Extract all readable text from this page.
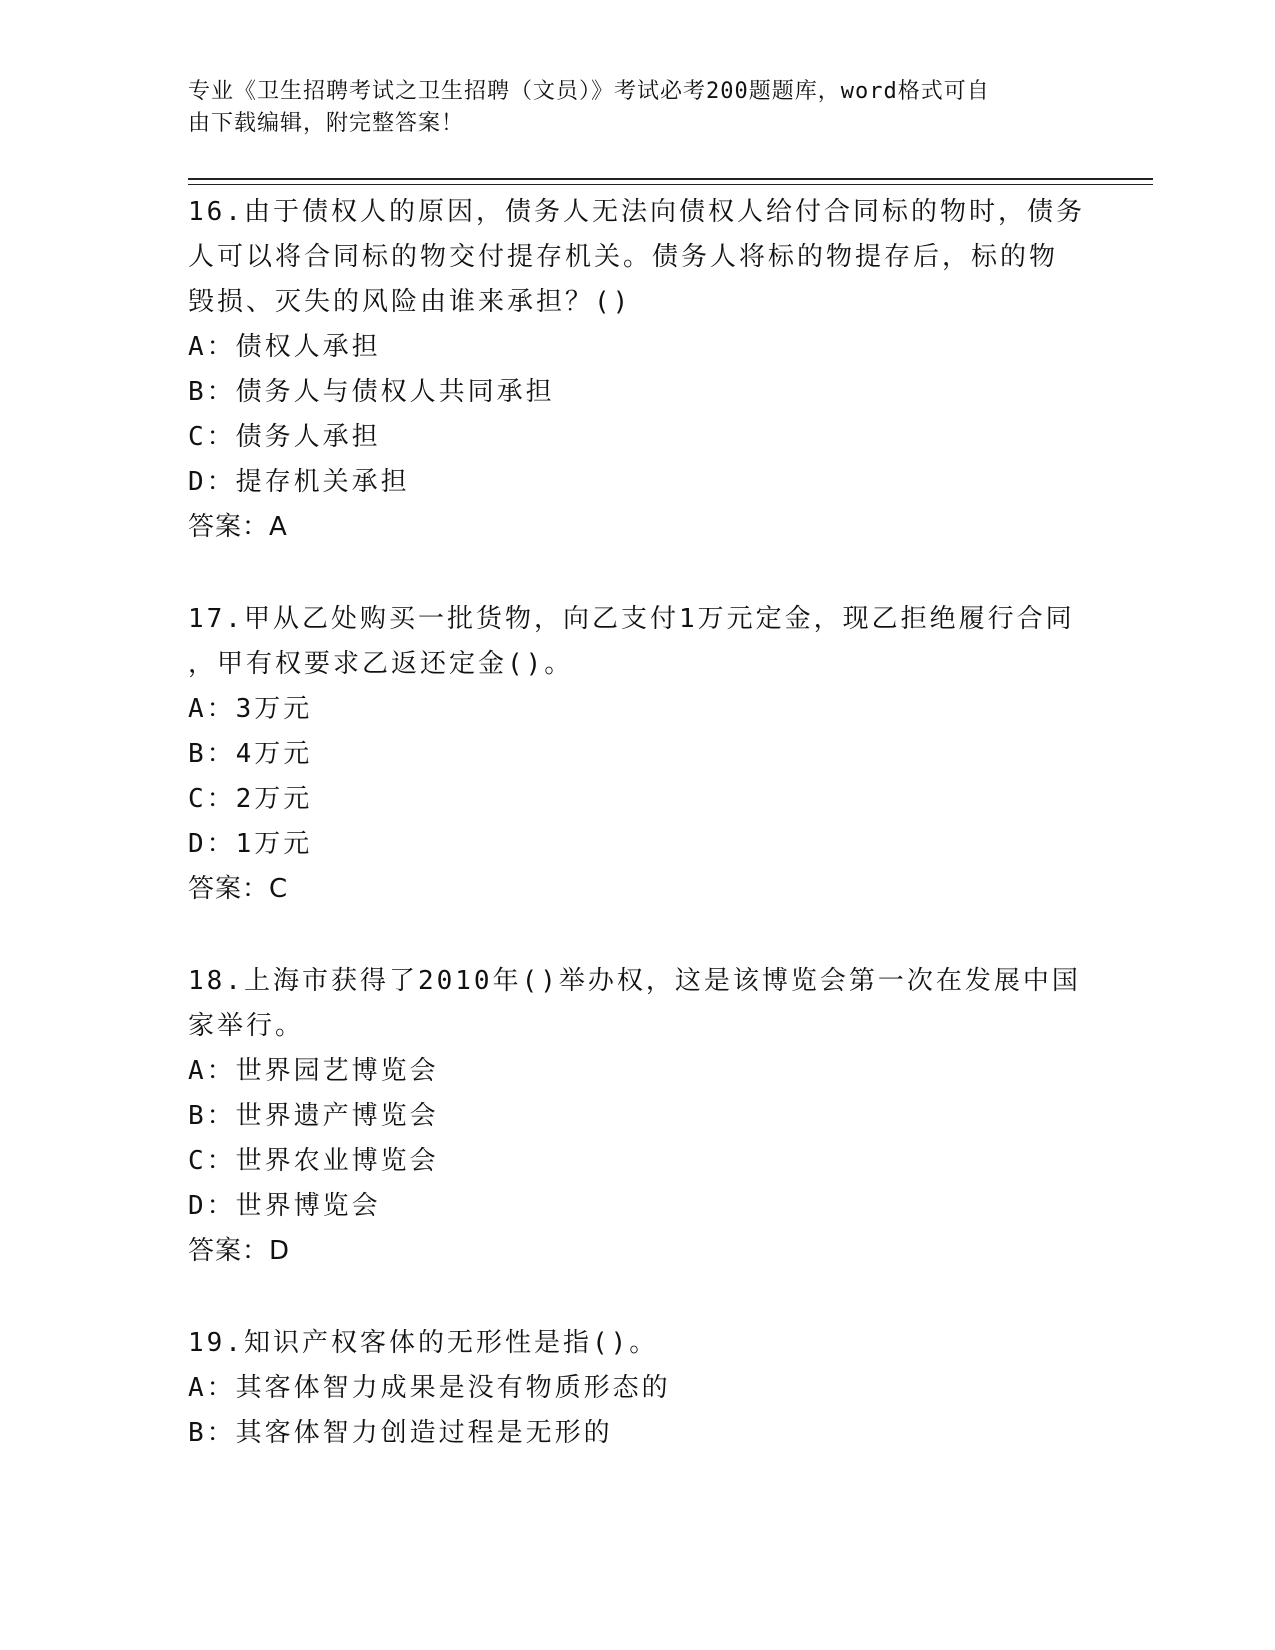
专业《卫生招聘考试之卫生招聘（文员）》考试必考200题题库，word格式可自
由下载编辑，附完整答案！
16.由于债权人的原因，债务人无法向债权人给付合同标的物时，债务
人可以将合同标的物交付提存机关。债务人将标的物提存后，标的物
毁损、灭失的风险由谁来承担？()
A：债权人承担
B：债务人与债权人共同承担
C：债务人承担
D：提存机关承担
答案：A
17.甲从乙处购买一批货物，向乙支付1万元定金，现乙拒绝履行合同
，甲有权要求乙返还定金()。
A：3万元
B：4万元
C：2万元
D：1万元
答案：C
18.上海市获得了2010年()举办权，这是该博览会第一次在发展中国
家举行。
A：世界园艺博览会
B：世界遗产博览会
C：世界农业博览会
D：世界博览会
答案：D
19.知识产权客体的无形性是指()。
A：其客体智力成果是没有物质形态的
B：其客体智力创造过程是无形的
